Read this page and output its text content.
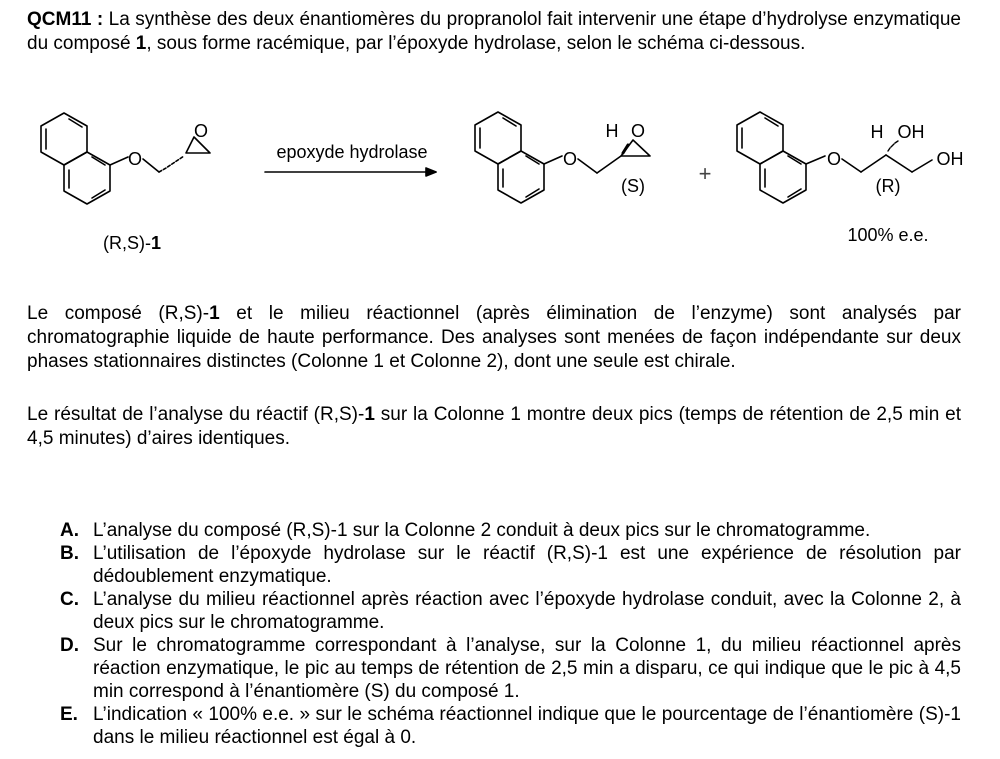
QCM11 : La synthèse des deux énantiomères du propranolol fait intervenir une étape d’hydrolyse enzymatique du composé 1, sous forme racémique, par l’époxyde hydrolase, selon le schéma ci-dessous.

O
O
O
O
H
O
H OH
OH
epoxyde hydrolase
(R,S)-1
+
(S)	(R)
100% e.e.

Le composé (R,S)-1 et le milieu réactionnel (après élimination de l’enzyme) sont analysés par chromatographie liquide de haute performance. Des analyses sont menées de façon indépendante sur deux phases stationnaires distinctes (Colonne 1 et Colonne 2), dont une seule est chirale.

Le résultat de l’analyse du réactif (R,S)-1 sur la Colonne 1 montre deux pics (temps de rétention de 2,5 min et 4,5 minutes) d’aires identiques.

A. L’analyse du composé (R,S)-1 sur la Colonne 2 conduit à deux pics sur le chromatogramme.
B. L’utilisation de l’époxyde hydrolase sur le réactif (R,S)-1 est une expérience de résolution par dédoublement enzymatique.
C. L’analyse du milieu réactionnel après réaction avec l’époxyde hydrolase conduit, avec la Colonne 2, à deux pics sur le chromatogramme.
D. Sur le chromatogramme correspondant à l’analyse, sur la Colonne 1, du milieu réactionnel après réaction enzymatique, le pic au temps de rétention de 2,5 min a disparu, ce qui indique que le pic à 4,5 min correspond à l’énantiomère (S) du composé 1.
E. L’indication « 100% e.e. » sur le schéma réactionnel indique que le pourcentage de l’énantiomère (S)-1 dans le milieu réactionnel est égal à 0.
